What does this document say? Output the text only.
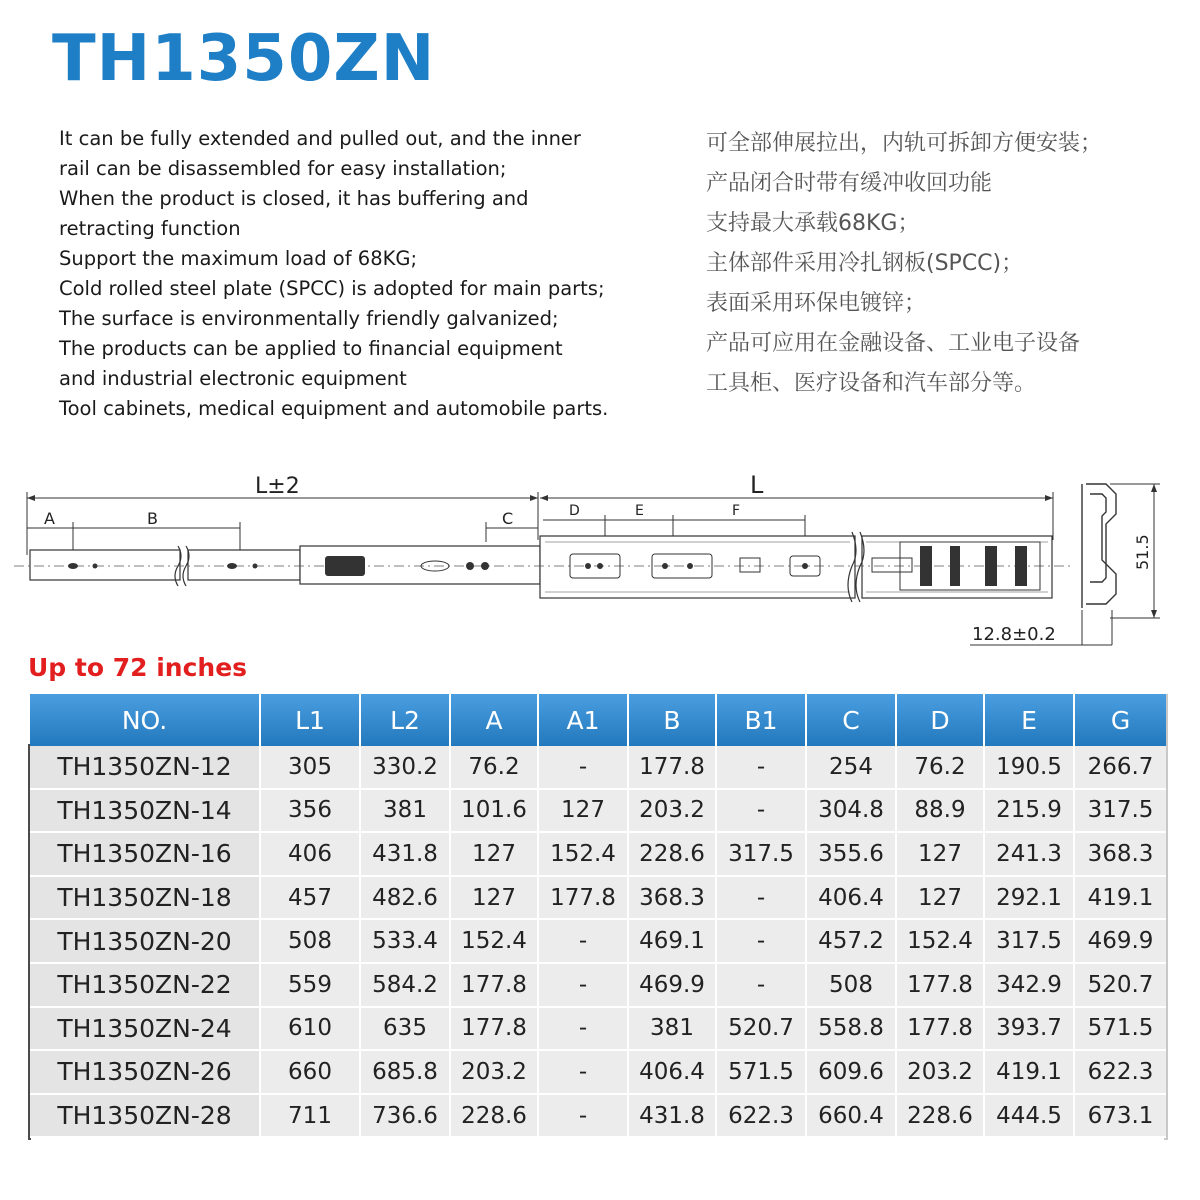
TH1350ZN
It can be fully extended and pulled out, and the inner
rail can be disassembled for easy installation;
When the product is closed, it has buffering and
retracting function
Support the maximum load of 68KG;
Cold rolled steel plate (SPCC) is adopted for main parts;
The surface is environmentally friendly galvanized;
The products can be applied to financial equipment
and industrial electronic equipment
Tool cabinets, medical equipment and automobile parts.
可全部伸展拉出，内轨可拆卸方便安装；
产品闭合时带有缓冲收回功能
支持最大承载68KG；
主体部件采用冷扎钢板(SPCC)；
表面采用环保电镀锌；
产品可应用在金融设备、工业电子设备
工具柜、医疗设备和汽车部分等。
L±2	L
A	B	C	D	E	F
51.5
12.8±0.2
Up to 72 inches
NO.	L1	L2	A	A1	B	B1	C	D	E	G
TH1350ZN-12	305	330.2	76.2	-	177.8	-	254	76.2	190.5	266.7
TH1350ZN-14	356	381	101.6	127	203.2	-	304.8	88.9	215.9	317.5
TH1350ZN-16	406	431.8	127	152.4	228.6	317.5	355.6	127	241.3	368.3
TH1350ZN-18	457	482.6	127	177.8	368.3	-	406.4	127	292.1	419.1
TH1350ZN-20	508	533.4	152.4	-	469.1	-	457.2	152.4	317.5	469.9
TH1350ZN-22	559	584.2	177.8	-	469.9	-	508	177.8	342.9	520.7
TH1350ZN-24	610	635	177.8	-	381	520.7	558.8	177.8	393.7	571.5
TH1350ZN-26	660	685.8	203.2	-	406.4	571.5	609.6	203.2	419.1	622.3
TH1350ZN-28	711	736.6	228.6	-	431.8	622.3	660.4	228.6	444.5	673.1
